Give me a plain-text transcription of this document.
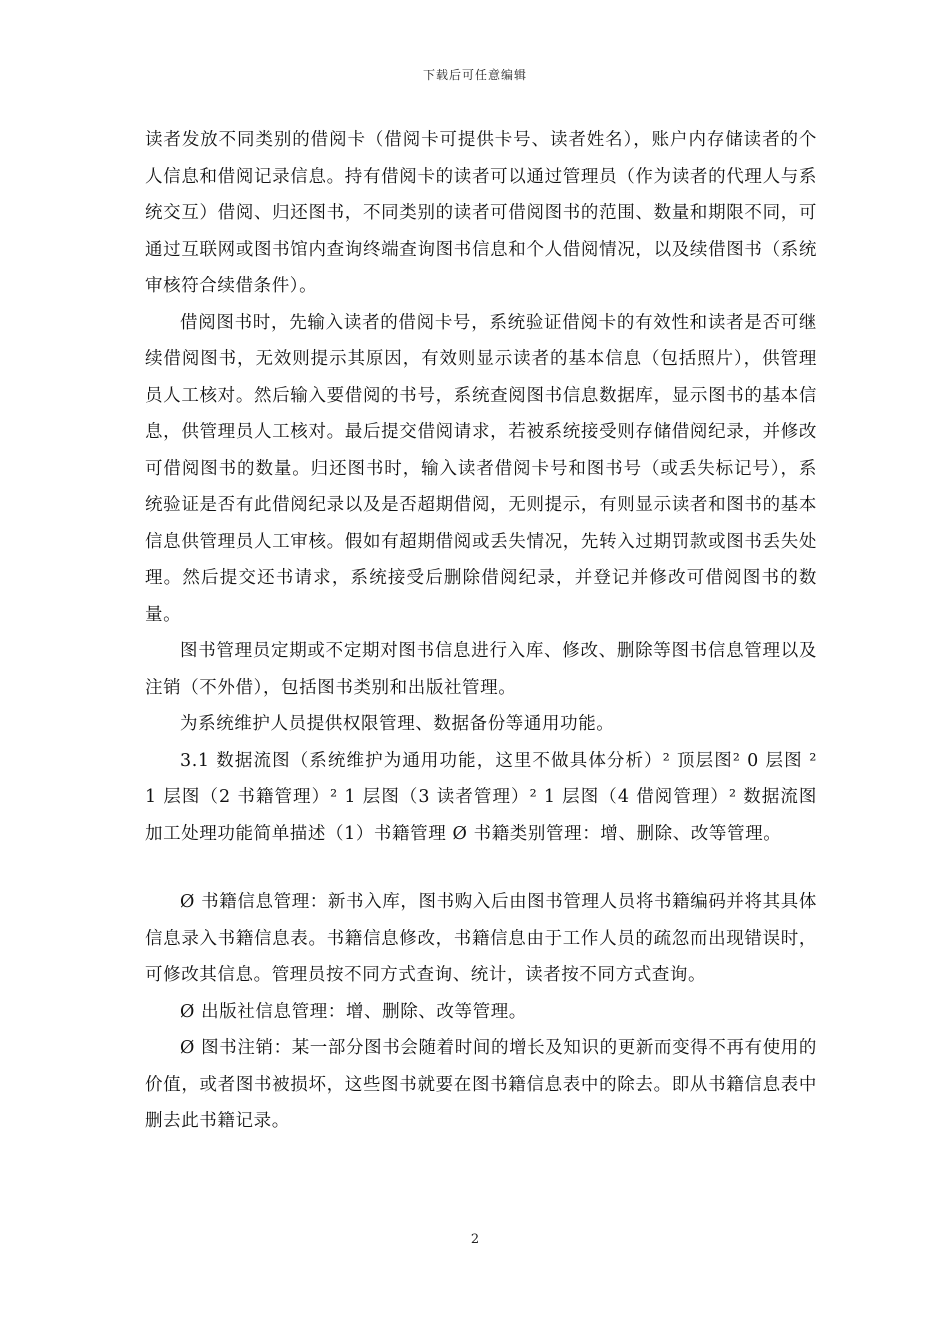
下载后可任意编辑

读者发放不同类别的借阅卡（借阅卡可提供卡号、读者姓名），账户内存储读者的个人信息和借阅记录信息。持有借阅卡的读者可以通过管理员（作为读者的代理人与系统交互）借阅、归还图书，不同类别的读者可借阅图书的范围、数量和期限不同，可通过互联网或图书馆内查询终端查询图书信息和个人借阅情况，以及续借图书（系统审核符合续借条件）。

借阅图书时，先输入读者的借阅卡号，系统验证借阅卡的有效性和读者是否可继续借阅图书，无效则提示其原因，有效则显示读者的基本信息（包括照片），供管理员人工核对。然后输入要借阅的书号，系统查阅图书信息数据库，显示图书的基本信息，供管理员人工核对。最后提交借阅请求，若被系统接受则存储借阅纪录，并修改可借阅图书的数量。归还图书时，输入读者借阅卡号和图书号（或丢失标记号），系统验证是否有此借阅纪录以及是否超期借阅，无则提示，有则显示读者和图书的基本信息供管理员人工审核。假如有超期借阅或丢失情况，先转入过期罚款或图书丢失处理。然后提交还书请求，系统接受后删除借阅纪录，并登记并修改可借阅图书的数量。

图书管理员定期或不定期对图书信息进行入库、修改、删除等图书信息管理以及注销（不外借），包括图书类别和出版社管理。

为系统维护人员提供权限管理、数据备份等通用功能。

3.1 数据流图（系统维护为通用功能，这里不做具体分析）² 顶层图² 0 层图 ² 1 层图（2 书籍管理）² 1 层图（3 读者管理）² 1 层图（4 借阅管理）² 数据流图加工处理功能简单描述（1）书籍管理 Ø 书籍类别管理：增、删除、改等管理。

Ø 书籍信息管理：新书入库，图书购入后由图书管理人员将书籍编码并将其具体信息录入书籍信息表。书籍信息修改，书籍信息由于工作人员的疏忽而出现错误时，可修改其信息。管理员按不同方式查询、统计，读者按不同方式查询。

Ø 出版社信息管理：增、删除、改等管理。

Ø 图书注销：某一部分图书会随着时间的增长及知识的更新而变得不再有使用的价值，或者图书被损坏，这些图书就要在图书籍信息表中的除去。即从书籍信息表中删去此书籍记录。

2
